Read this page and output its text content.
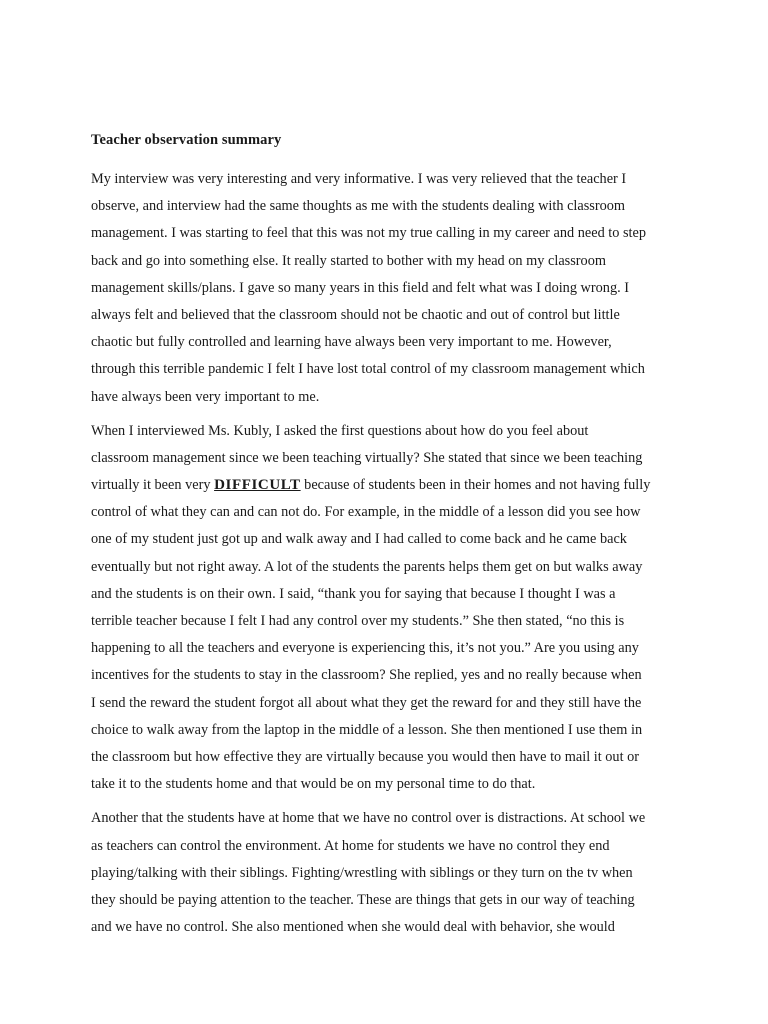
Teacher observation summary
My interview was very interesting and very informative. I was very relieved that the teacher I
observe, and interview had the same thoughts as me with the students dealing with classroom
management. I was starting to feel that this was not my true calling in my career and need to step
back and go into something else. It really started to bother with my head on my classroom
management skills/plans. I gave so many years in this field and felt what was I doing wrong. I
always felt and believed that the classroom should not be chaotic and out of control but little
chaotic but fully controlled and learning have always been very important to me. However,
through this terrible pandemic I felt I have lost total control of my classroom management which
have always been very important to me.
When I interviewed Ms. Kubly, I asked the first questions about how do you feel about
classroom management since we been teaching virtually? She stated that since we been teaching
virtually it been very DIFFICULT because of students been in their homes and not having fully
control of what they can and can not do. For example, in the middle of a lesson did you see how
one of my student just got up and walk away and I had called to come back and he came back
eventually but not right away. A lot of the students the parents helps them get on but walks away
and the students is on their own. I said, “thank you for saying that because I thought I was a
terrible teacher because I felt I had any control over my students.” She then stated, “no this is
happening to all the teachers and everyone is experiencing this, it’s not you.” Are you using any
incentives for the students to stay in the classroom? She replied, yes and no really because when
I send the reward the student forgot all about what they get the reward for and they still have the
choice to walk away from the laptop in the middle of a lesson. She then mentioned I use them in
the classroom but how effective they are virtually because you would then have to mail it out or
take it to the students home and that would be on my personal time to do that.
Another that the students have at home that we have no control over is distractions. At school we
as teachers can control the environment. At home for students we have no control they end
playing/talking with their siblings. Fighting/wrestling with siblings or they turn on the tv when
they should be paying attention to the teacher. These are things that gets in our way of teaching
and we have no control. She also mentioned when she would deal with behavior, she would
